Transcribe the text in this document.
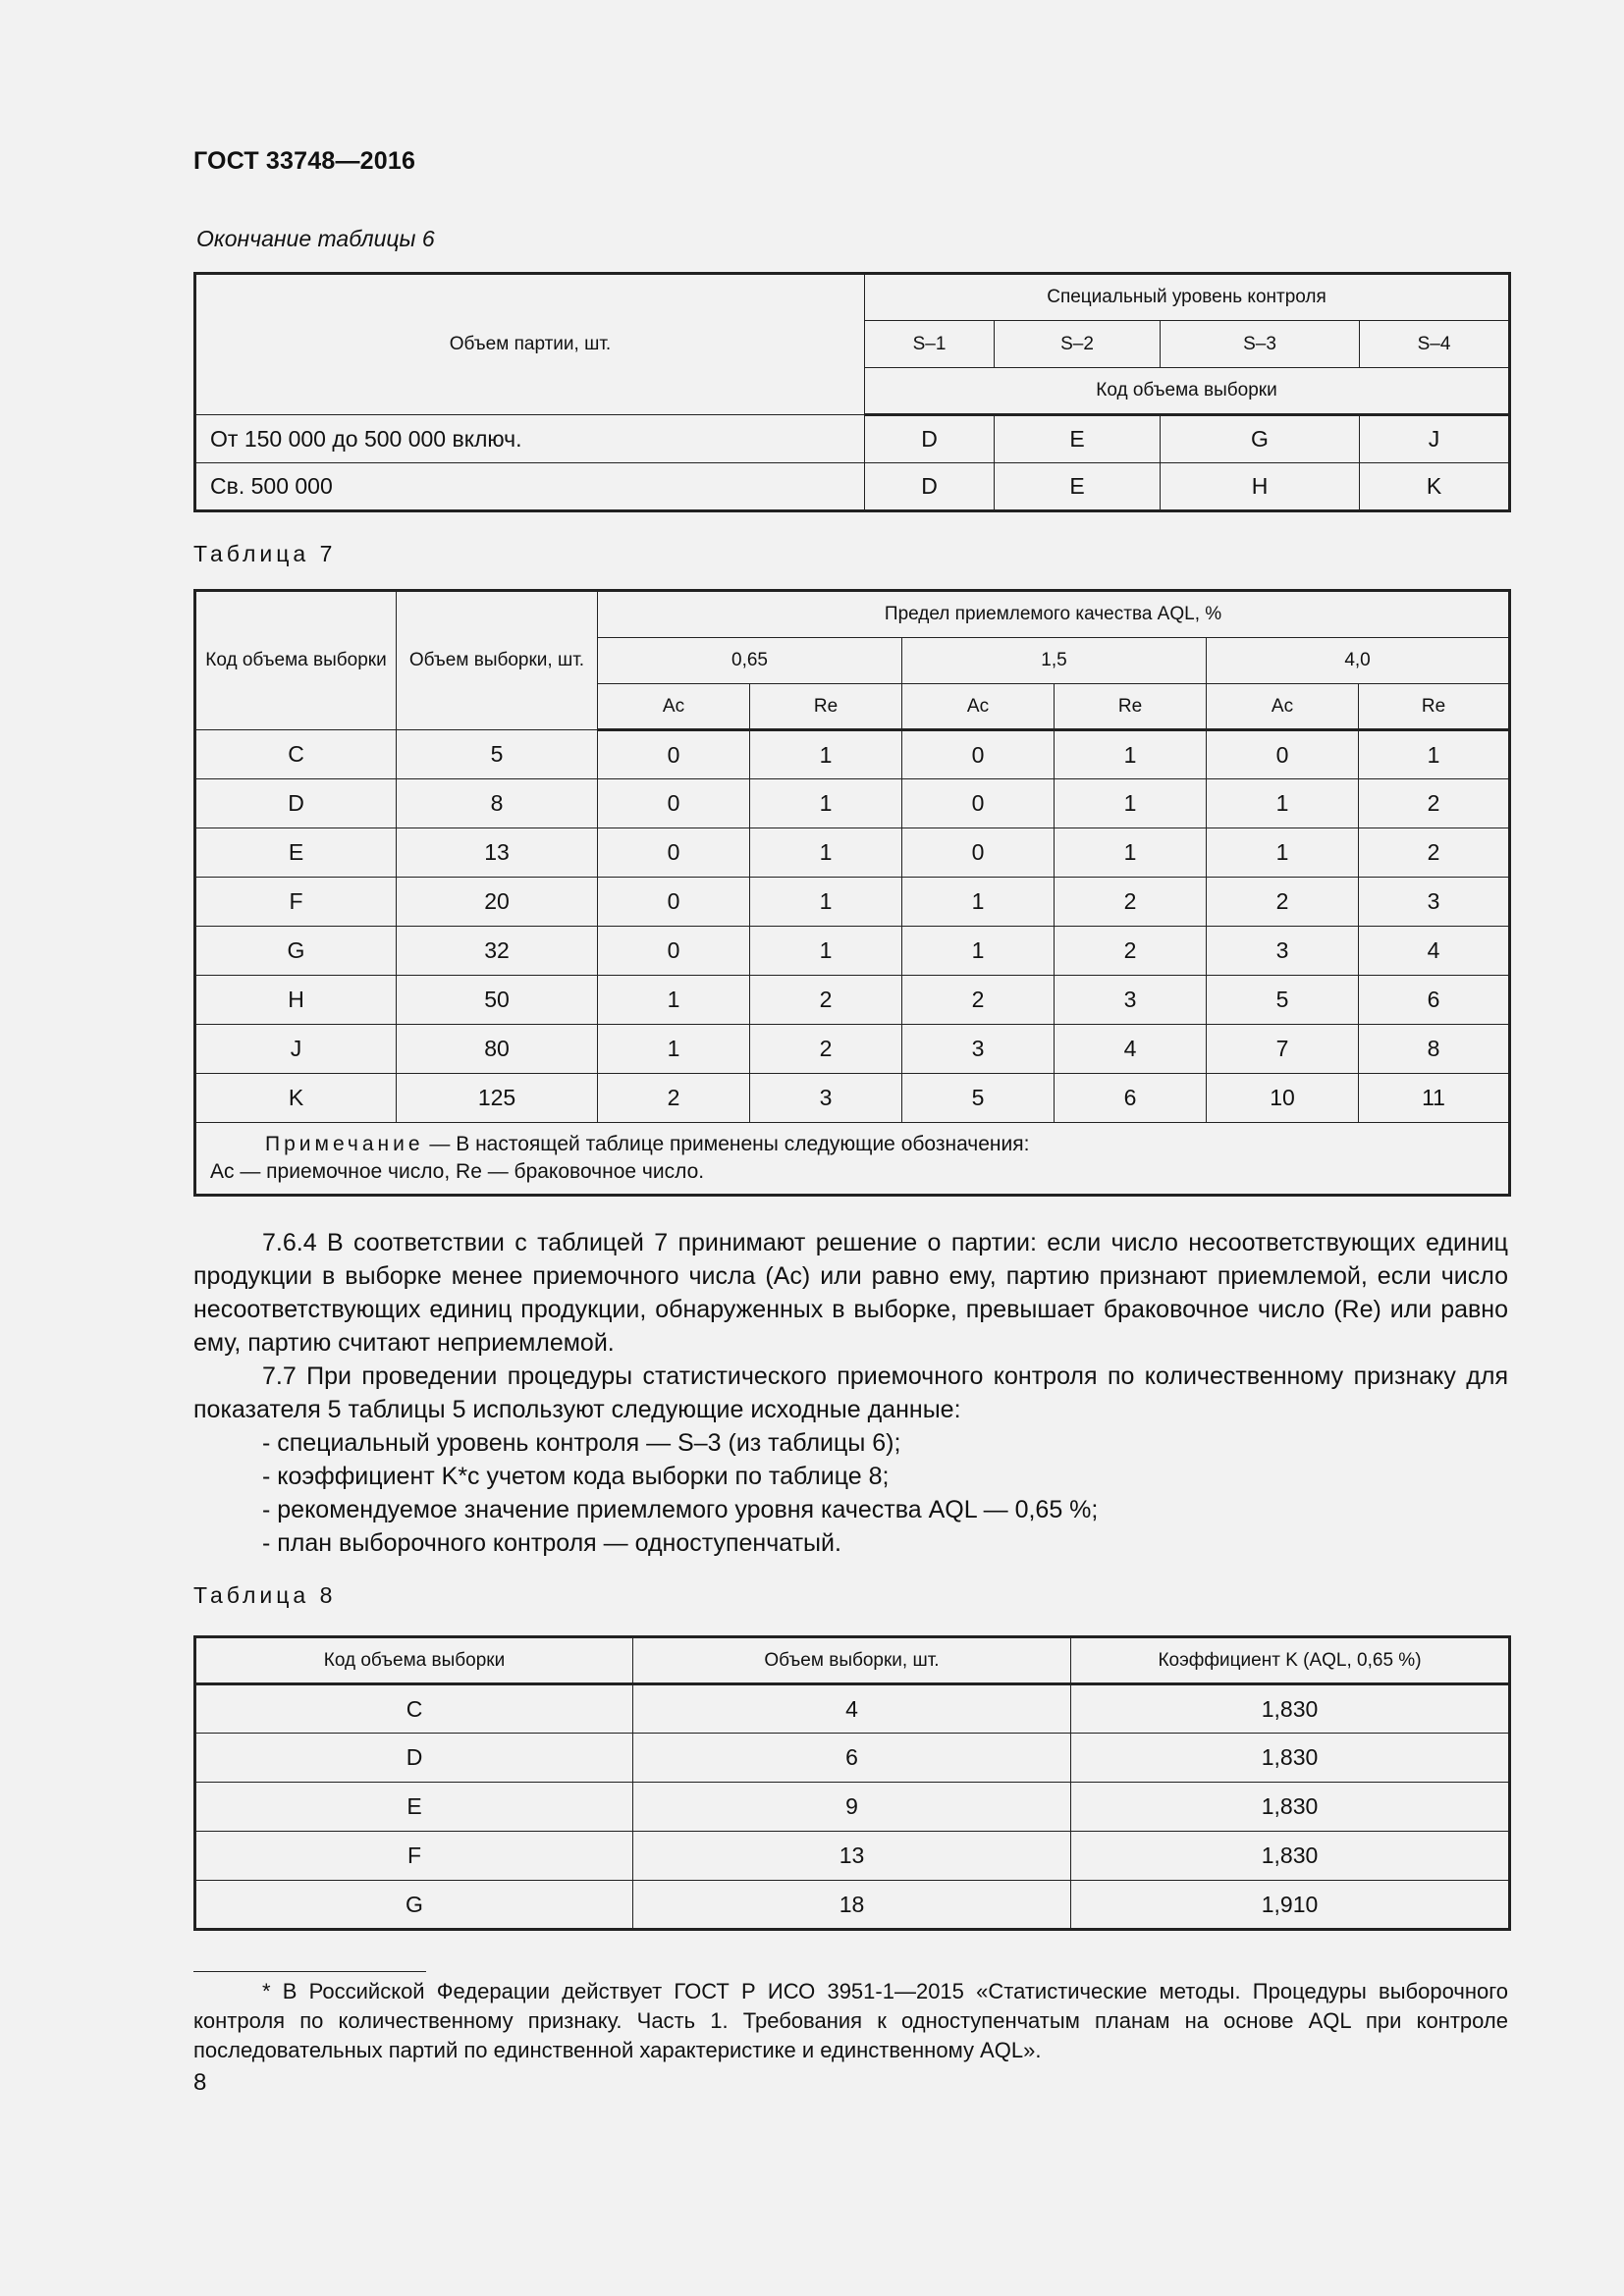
ГОСТ 33748—2016
Окончание таблицы 6
Объем партии, шт.	Специальный уровень контроля			
	S–1	S–2	S–3	S–4
	Код объема выборки			
От 150 000 до 500 000 включ.	D	E	G	J
Св. 500 000	D	E	H	K
Таблица 7
Код объема выборки	Объем выборки, шт.	Предел приемлемого качества AQL, %					
		0,65		1,5		4,0	
		Ac	Re	Ac	Re	Ac	Re
C	5	0	1	0	1	0	1
D	8	0	1	0	1	1	2
E	13	0	1	0	1	1	2
F	20	0	1	1	2	2	3
G	32	0	1	1	2	3	4
H	50	1	2	2	3	5	6
J	80	1	2	3	4	7	8
K	125	2	3	5	6	10	11
Примечание — В настоящей таблице применены следующие обозначения:
Ac — приемочное число, Re — браковочное число.							

7.6.4 В соответствии с таблицей 7 принимают решение о партии: если число несоответствующих единиц продукции в выборке менее приемочного числа (Ac) или равно ему, партию признают приемлемой, если число несоответствующих единиц продукции, обнаруженных в выборке, превышает браковочное число (Re) или равно ему, партию считают неприемлемой.

7.7 При проведении процедуры статистического приемочного контроля по количественному признаку для показателя 5 таблицы 5 используют следующие исходные данные:

- специальный уровень контроля — S–3 (из таблицы 6);

- коэффициент K*с учетом кода выборки по таблице 8;

- рекомендуемое значение приемлемого уровня качества AQL — 0,65 %;

- план выборочного контроля — одноступенчатый.

Таблица 8
Код объема выборки	Объем выборки, шт.	Коэффициент K (AQL, 0,65 %)
C	4	1,830
D	6	1,830
E	9	1,830
F	13	1,830
G	18	1,910

* В Российской Федерации действует ГОСТ Р ИСО 3951-1—2015 «Статистические методы. Процедуры выборочного контроля по количественному признаку. Часть 1. Требования к одноступенчатым планам на основе AQL при контроле последовательных партий по единственной характеристике и единственному AQL».

8
